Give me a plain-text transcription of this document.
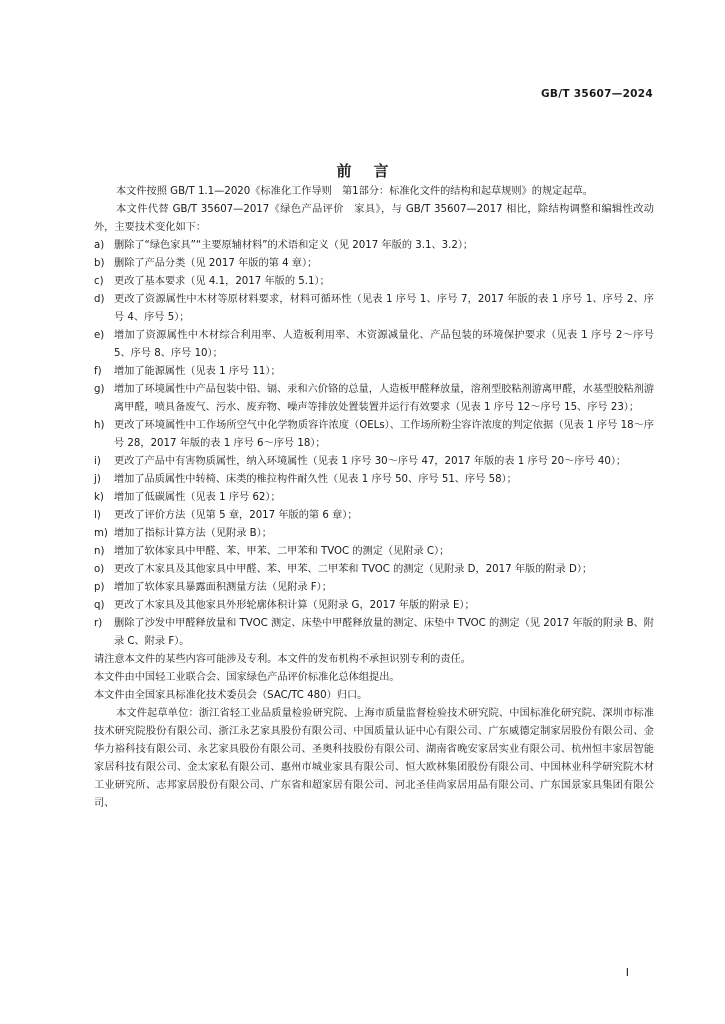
GB/T 35607—2024
前言

本文件按照 GB/T 1.1—2020《标准化工作导则　第1部分：标准化文件的结构和起草规则》的规定起草。

本文件代替 GB/T 35607—2017《绿色产品评价　家具》，与 GB/T 35607—2017 相比，除结构调整和编辑性改动外，主要技术变化如下：

a) 删除了“绿色家具”“主要原辅材料”的术语和定义（见 2017 年版的 3.1、3.2）；
b) 删除了产品分类（见 2017 年版的第 4 章）；
c) 更改了基本要求（见 4.1，2017 年版的 5.1）；
d) 更改了资源属性中木材等原材料要求，材料可循环性（见表 1 序号 1、序号 7，2017 年版的表 1 序号 1、序号 2、序号 4、序号 5）；
e) 增加了资源属性中木材综合利用率、人造板利用率、木资源减量化、产品包装的环境保护要求（见表 1 序号 2～序号 5、序号 8、序号 10）；
f) 增加了能源属性（见表 1 序号 11）；
g) 增加了环境属性中产品包装中铅、镉、汞和六价铬的总量，人造板甲醛释放量，溶剂型胶粘剂游离甲醛，水基型胶粘剂游离甲醛，喷具备废气、污水、废弃物、噪声等排放处置装置并运行有效要求（见表 1 序号 12～序号 15、序号 23）；
h) 更改了环境属性中工作场所空气中化学物质容许浓度（OELs）、工作场所粉尘容许浓度的判定依据（见表 1 序号 18～序号 28，2017 年版的表 1 序号 6～序号 18）；
i) 更改了产品中有害物质属性，纳入环境属性（见表 1 序号 30～序号 47，2017 年版的表 1 序号 20～序号 40）；
j) 增加了品质属性中转椅、床类的椎拉构件耐久性（见表 1 序号 50、序号 51、序号 58）；
k) 增加了低碳属性（见表 1 序号 62）；
l) 更改了评价方法（见第 5 章，2017 年版的第 6 章）；
m) 增加了指标计算方法（见附录 B）；
n) 增加了软体家具中甲醛、苯、甲苯、二甲苯和 TVOC 的测定（见附录 C）；
o) 更改了木家具及其他家具中甲醛、苯、甲苯、二甲苯和 TVOC 的测定（见附录 D，2017 年版的附录 D）；
p) 增加了软体家具暴露面积测量方法（见附录 F）；
q) 更改了木家具及其他家具外形轮廓体积计算（见附录 G，2017 年版的附录 E）；
r) 删除了沙发中甲醛释放量和 TVOC 测定、床垫中甲醛释放量的测定、床垫中 TVOC 的测定（见 2017 年版的附录 B、附录 C、附录 F）。

请注意本文件的某些内容可能涉及专利。本文件的发布机构不承担识别专利的责任。

本文件由中国轻工业联合会、国家绿色产品评价标准化总体组提出。

本文件由全国家具标准化技术委员会（SAC/TC 480）归口。

本文件起草单位：浙江省轻工业品质量检验研究院、上海市质量监督检验技术研究院、中国标准化研究院、深圳市标准技术研究院股份有限公司、浙江永艺家具股份有限公司、中国质量认证中心有限公司、广东威德定制家居股份有限公司、金华力裕科技有限公司、永艺家具股份有限公司、圣奥科技股份有限公司、湖南省晚安家居实业有限公司、杭州恒丰家居智能家居科技有限公司、金太家私有限公司、惠州市城业家具有限公司、恒大欧林集团股份有限公司、中国林业科学研究院木材工业研究所、志邦家居股份有限公司、广东省和超家居有限公司、河北圣佳尚家居用品有限公司、广东国景家具集团有限公司、

I
